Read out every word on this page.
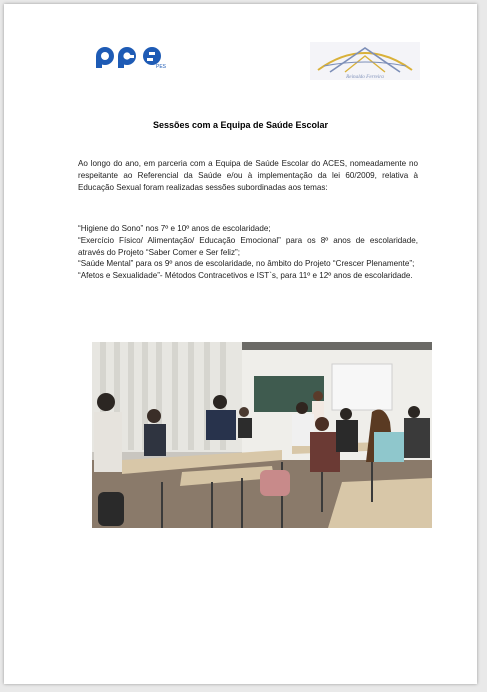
PES
Reinaldo Ferreira
Sessões com a Equipa de Saúde Escolar
Ao longo do ano, em parceria com a Equipa de Saúde Escolar do ACES, nomeadamente no respeitante ao Referencial da Saúde e/ou à implementação da lei 60/2009, relativa à Educação Sexual foram realizadas sessões subordinadas aos temas:

“Higiene do Sono” nos 7º e 10º anos de escolaridade;

“Exercício Físico/ Alimentação/ Educação Emocional” para os 8º anos de escolaridade, através do Projeto “Saber Comer e Ser feliz”;

“Saúde Mental” para os 9º anos de escolaridade, no âmbito do Projeto “Crescer Plenamente”;

“Afetos e Sexualidade”- Métodos Contracetivos e IST`s, para 11º e 12º anos de escolaridade.
